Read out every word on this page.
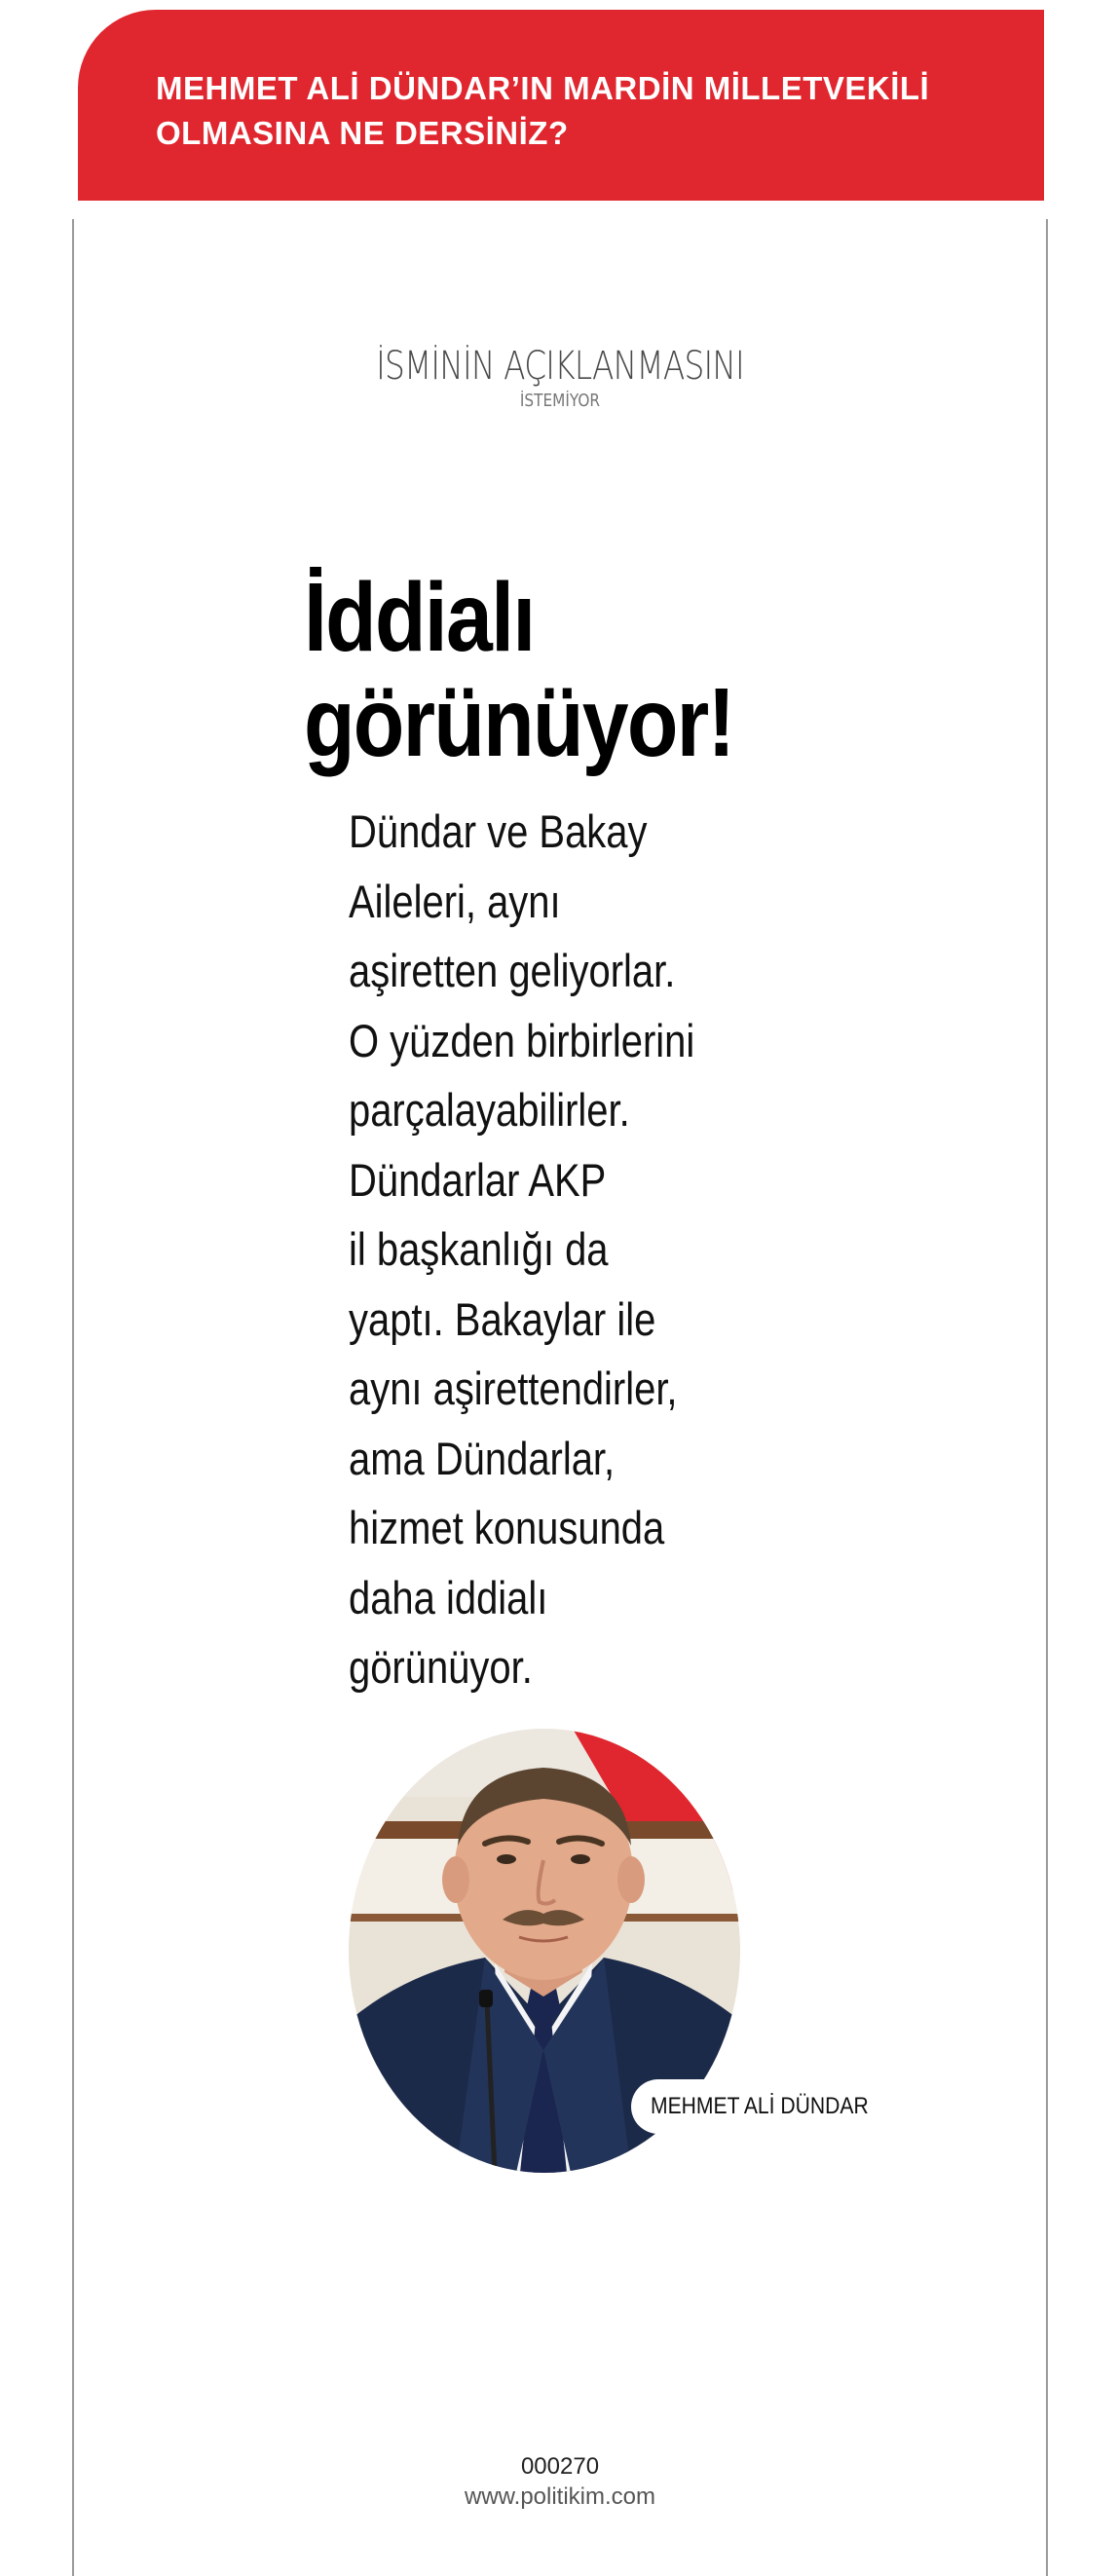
MEHMET ALİ DÜNDAR’IN MARDİN MİLLETVEKİLİ OLMASINA NE DERSİNİZ?

İSMİNİN AÇIKLANMASINI
İSTEMİYOR
İddialı
görünüyor!
Dündar ve Bakay
Aileleri, aynı
aşiretten geliyorlar.
O yüzden birbirlerini
parçalayabilirler.
Dündarlar AKP
il başkanlığı da
yaptı. Bakaylar ile
aynı aşirettendirler,
ama Dündarlar,
hizmet konusunda
daha iddialı
görünüyor.
MEHMET ALİ DÜNDAR
000270
www.politikim.com
